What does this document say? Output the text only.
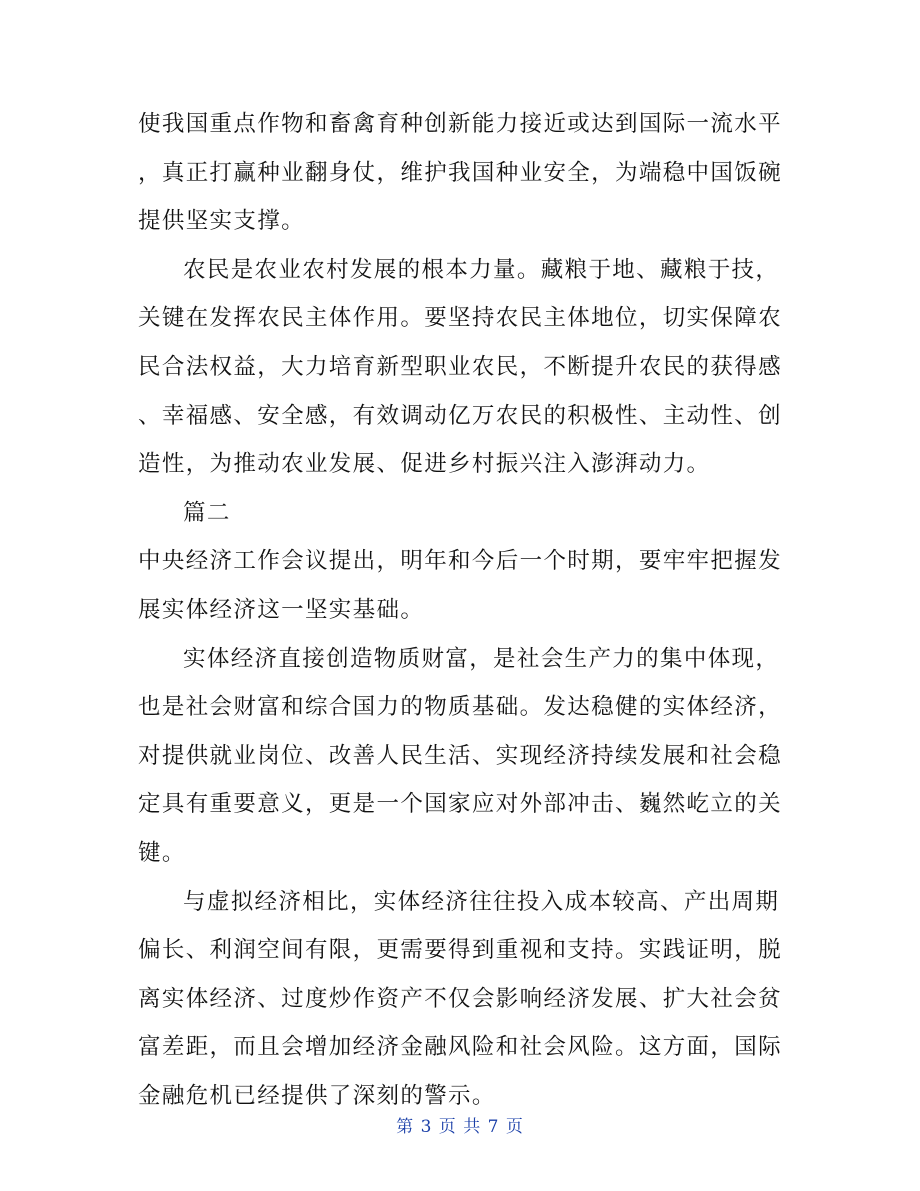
使我国重点作物和畜禽育种创新能力接近或达到国际一流水平
，真正打赢种业翻身仗，维护我国种业安全，为端稳中国饭碗
提供坚实支撑。
农民是农业农村发展的根本力量。藏粮于地、藏粮于技，
关键在发挥农民主体作用。要坚持农民主体地位，切实保障农
民合法权益，大力培育新型职业农民，不断提升农民的获得感
、幸福感、安全感，有效调动亿万农民的积极性、主动性、创
造性，为推动农业发展、促进乡村振兴注入澎湃动力。
篇二
中央经济工作会议提出，明年和今后一个时期，要牢牢把握发
展实体经济这一坚实基础。
实体经济直接创造物质财富，是社会生产力的集中体现，
也是社会财富和综合国力的物质基础。发达稳健的实体经济，
对提供就业岗位、改善人民生活、实现经济持续发展和社会稳
定具有重要意义，更是一个国家应对外部冲击、巍然屹立的关
键。
与虚拟经济相比，实体经济往往投入成本较高、产出周期
偏长、利润空间有限，更需要得到重视和支持。实践证明，脱
离实体经济、过度炒作资产不仅会影响经济发展、扩大社会贫
富差距，而且会增加经济金融风险和社会风险。这方面，国际
金融危机已经提供了深刻的警示。
第 3 页 共 7 页
